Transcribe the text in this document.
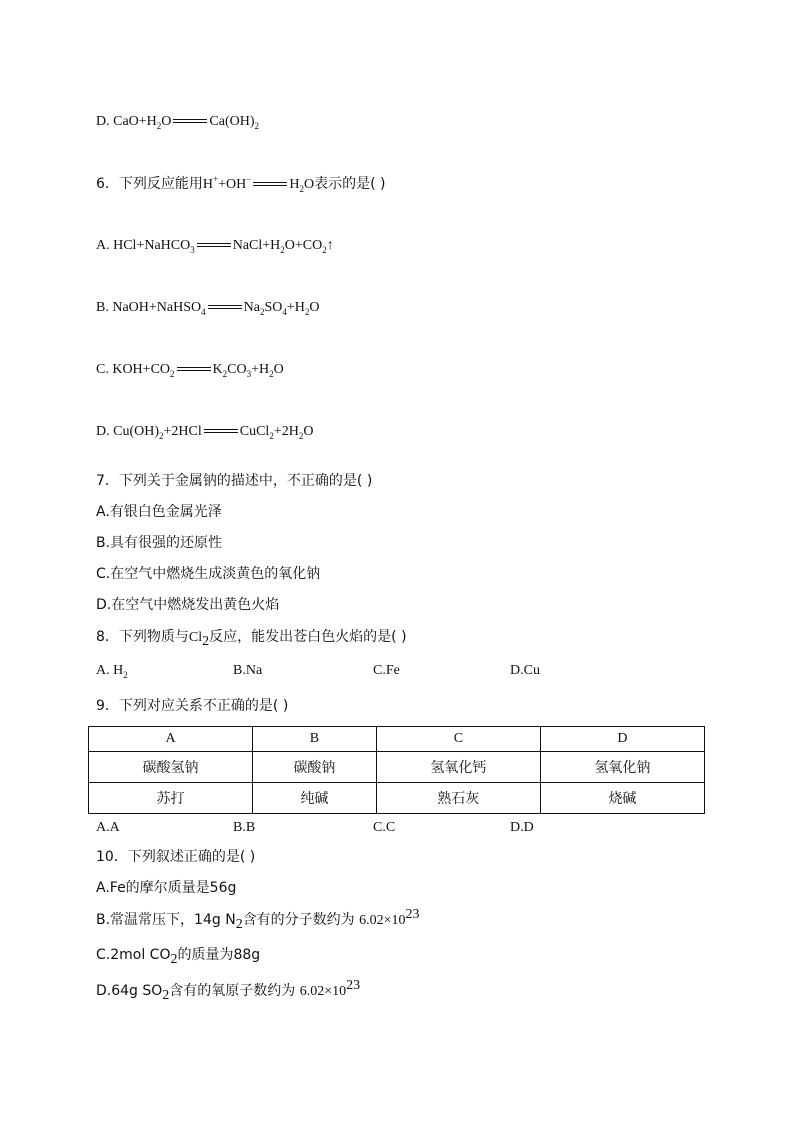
D. $CaO+H_2O$	$Ca(OH)_2$
6．下列反应能用H++OH−	$H_2O$表示的是( )
A. HCl+NaHCO$_3$	$NaCl+H_2O+CO_2↑$
B. NaOH+NaHSO$_4$	$Na_2SO_4+H_2O$
C. $KOH+CO_2$	$K_2CO_3+H_2O$
D. $Cu(OH)_2+2HCl$	$CuCl_2+2H_2O$
7．下列关于金属钠的描述中，不正确的是( )
A.有银白色金属光泽
B.具有很强的还原性
C.在空气中燃烧生成淡黄色的氧化钠
D.在空气中燃烧发出黄色火焰
8．下列物质与$Cl_2$反应，能发出苍白色火焰的是( )
A. $H_2$	B.Na	C.Fe	D.Cu
9．下列对应关系不正确的是( )
A	B	C	D
碳酸氢钠	碳酸钠	氢氧化钙	氢氧化钠
苏打	纯碱	熟石灰	烧碱
A.A	B.B	C.C	D.D
10．下列叙述正确的是( )
A.Fe的摩尔质量是56g
B.常温常压下，14g $N_2$含有的分子数约为 $6.02\times 10^{23}$
C.2mol $CO_2$的质量为88g
D.64g $SO_2$含有的氧原子数约为 $6.02\times 10^{23}$
